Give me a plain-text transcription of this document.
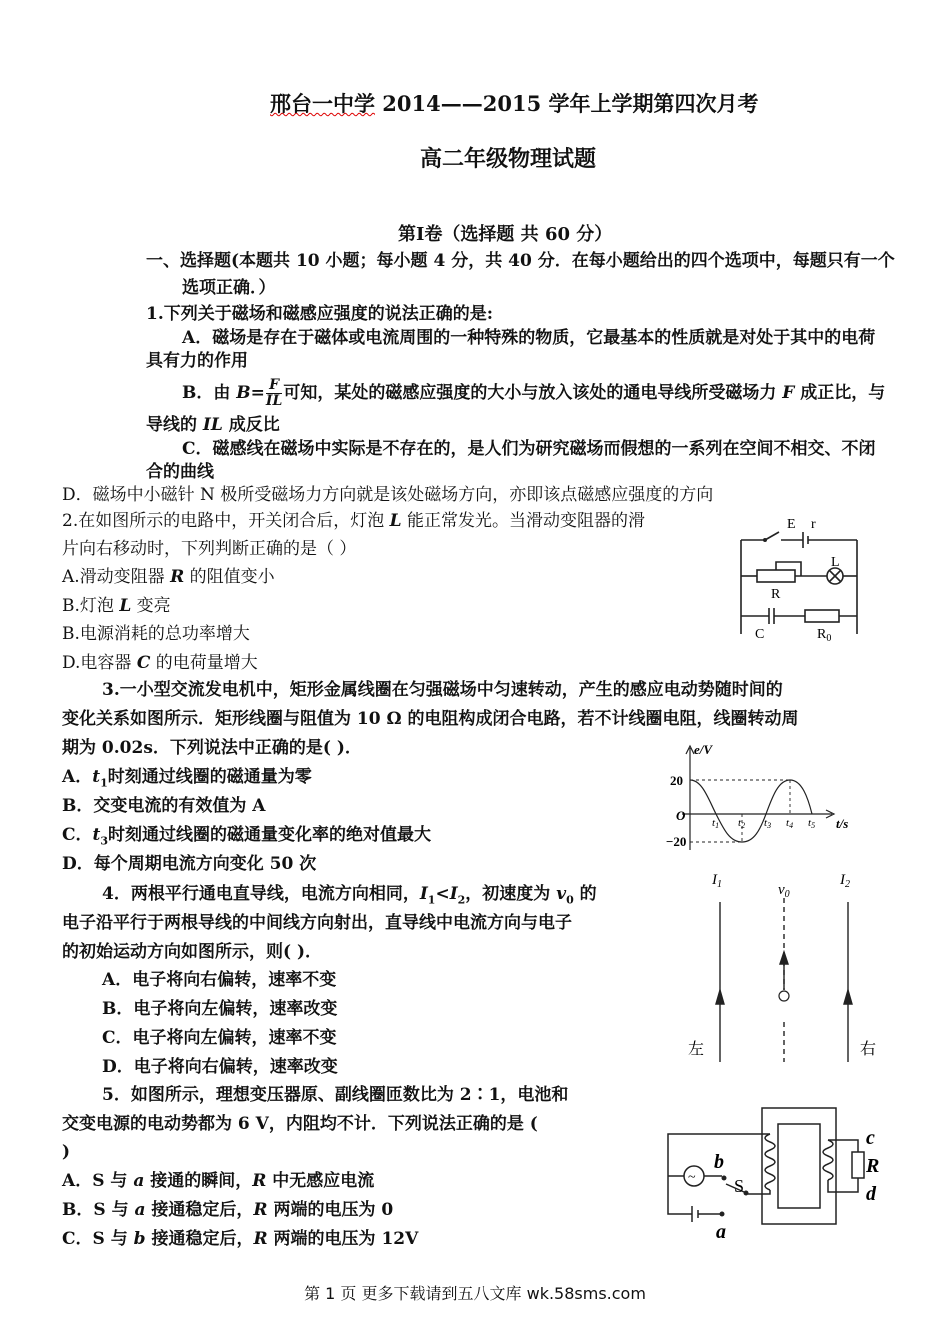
邢台一中学 2014——2015 学年上学期第四次月考
高二年级物理试题
第Ⅰ卷（选择题 共 60 分）
一、选择题(本题共 10 小题；每小题 4 分，共 40 分．在每小题给出的四个选项中，每题只有一个
选项正确．）
1.下列关于磁场和磁感应强度的说法正确的是:
A．磁场是存在于磁体或电流周围的一种特殊的物质，它最基本的性质就是对处于其中的电荷
具有力的作用
B．由 $B= \frac{F}{IL}$ 可知，某处的磁感应强度的大小与放入该处的通电导线所受磁场力 F 成正比，与
导线的 IL 成反比
C．磁感线在磁场中实际是不存在的，是人们为研究磁场而假想的一系列在空间不相交、不闭
合的曲线
D．磁场中小磁针 N 极所受磁场力方向就是该处磁场方向，亦即该点磁感应强度的方向
2.在如图所示的电路中，开关闭合后，灯泡 L 能正常发光。当滑动变阻器的滑
片向右移动时，下列判断正确的是（ ）
A.滑动变阻器 R 的阻值变小
B.灯泡 L 变亮
B.电源消耗的总功率增大
D.电容器 C 的电荷量增大
E r
L
R
C	$R_0$
3.一小型交流发电机中，矩形金属线圈在匀强磁场中匀速转动，产生的感应电动势随时间的
变化关系如图所示．矩形线圈与阻值为 10 Ω 的电阻构成闭合电路，若不计线圈电阻，线圈转动周
期为 0.02s．下列说法中正确的是( )．
A．$t_1$时刻通过线圈的磁通量为零
B．交变电流的有效值为 A
C．$t_3$时刻通过线圈的磁通量变化率的绝对值最大
D．每个周期电流方向变化 50 次
e/V
t/s
O
20
−20
t1 t2 t3 t4 t5
4．两根平行通电直导线，电流方向相同，$I_1<I_2$，初速度为 $v_0$ 的
电子沿平行于两根导线的中间线方向射出，直导线中电流方向与电子
的初始运动方向如图所示，则( )．
A．电子将向右偏转，速率不变
B．电子将向左偏转，速率改变
C．电子将向左偏转，速率不变
D．电子将向右偏转，速率改变
$I_1$	$I_2$
$v_0$
左	右
5．如图所示，理想变压器原、副线圈匝数比为 2∶1，电池和
交变电源的电动势都为 6 V，内阻均不计．下列说法正确的是 (
)
A．S 与 a 接通的瞬间，R 中无感应电流
B．S 与 a 接通稳定后，R 两端的电压为 0
C．S 与 b 接通稳定后，R 两端的电压为 12V
~
b
S
a
c
R
d
第 1 页 更多下载请到五八文库 wk.58sms.com
